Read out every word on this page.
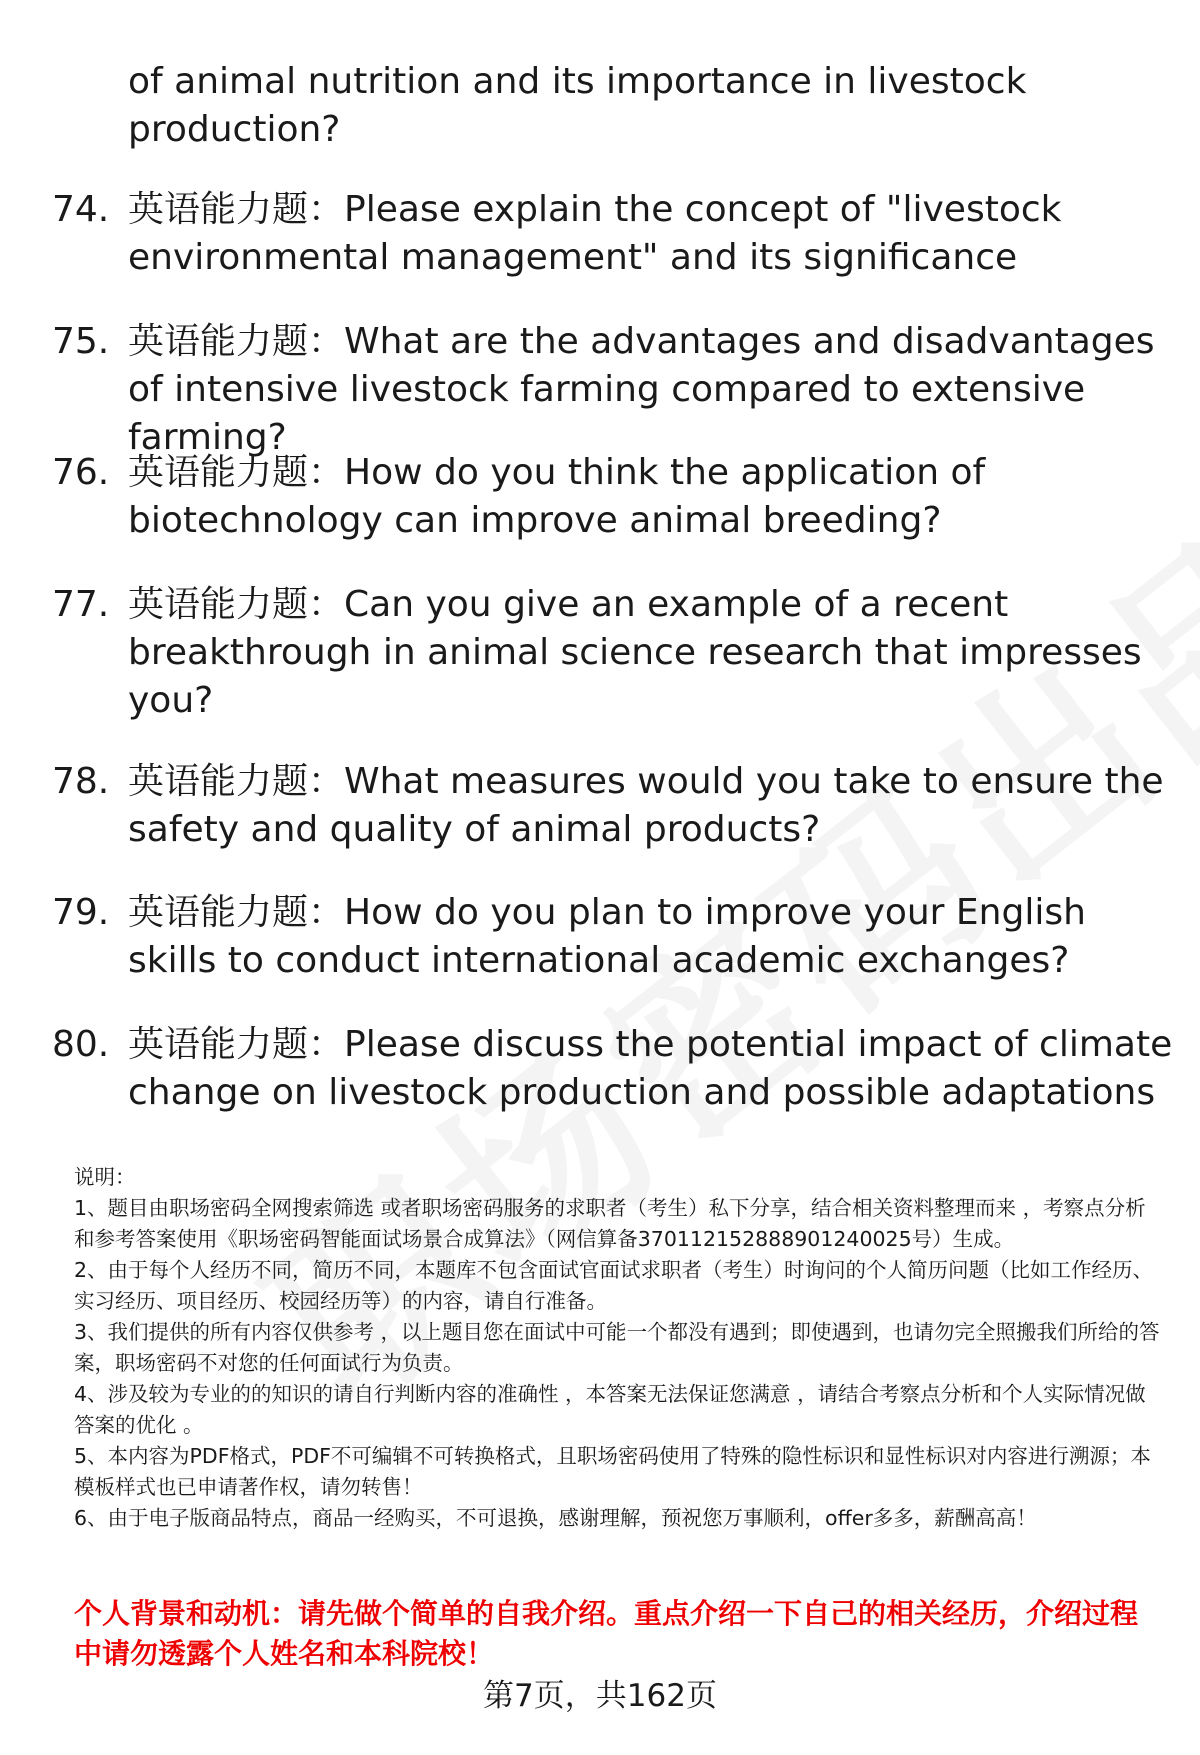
of animal nutrition and its importance in livestock production?
74. 英语能力题：Please explain the concept of "livestock environmental management" and its significance
75. 英语能力题：What are the advantages and disadvantages of intensive livestock farming compared to extensive farming?
76. 英语能力题：How do you think the application of biotechnology can improve animal breeding?
77. 英语能力题：Can you give an example of a recent breakthrough in animal science research that impresses you?
78. 英语能力题：What measures would you take to ensure the safety and quality of animal products?
79. 英语能力题：How do you plan to improve your English skills to conduct international academic exchanges?
80. 英语能力题：Please discuss the potential impact of climate change on livestock production and possible adaptations

说明：

1、题目由职场密码全网搜索筛选 或者职场密码服务的求职者（考生）私下分享，结合相关资料整理而来 ，考察点分析和参考答案使用《职场密码智能面试场景合成算法》（网信算备370112152888901240025号）生成。

2、由于每个人经历不同，简历不同，本题库不包含面试官面试求职者（考生）时询问的个人简历问题（比如工作经历、实习经历、项目经历、校园经历等）的内容，请自行准备。

3、我们提供的所有内容仅供参考 ，以上题目您在面试中可能一个都没有遇到；即使遇到，也请勿完全照搬我们所给的答案，职场密码不对您的任何面试行为负责。

4、涉及较为专业的的知识的请自行判断内容的准确性 ，本答案无法保证您满意 ，请结合考察点分析和个人实际情况做答案的优化 。

5、本内容为PDF格式，PDF不可编辑不可转换格式，且职场密码使用了特殊的隐性标识和显性标识对内容进行溯源；本模板样式也已申请著作权，请勿转售！

6、由于电子版商品特点，商品一经购买，不可退换，感谢理解，预祝您万事顺利，offer多多，薪酬高高！

个人背景和动机：请先做个简单的自我介绍。重点介绍一下自己的相关经历，介绍过程中请勿透露个人姓名和本科院校！
第7页，共162页
